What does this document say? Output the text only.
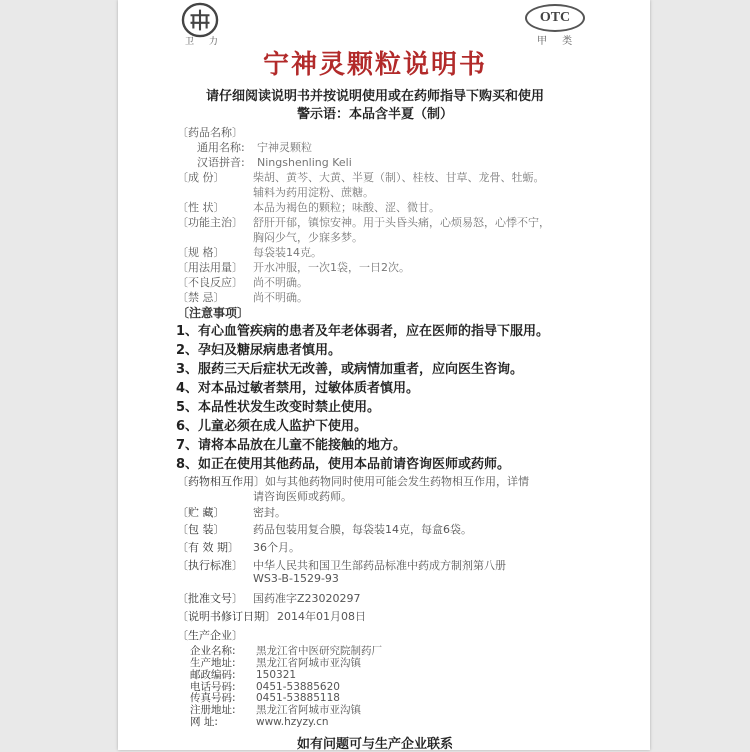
卫 力
OTC
甲 类
宁神灵颗粒说明书
请仔细阅读说明书并按说明使用或在药师指导下购买和使用
警示语：本品含半夏（制）
〔药品名称〕
通用名称: 宁神灵颗粒
汉语拼音: Ningshenling Keli
〔成 份〕	柴胡、黄芩、大黄、半夏（制）、桂枝、甘草、龙骨、牡蛎。
辅料为药用淀粉、蔗糖。
〔性 状〕	本品为褐色的颗粒；味酸、涩、微甘。
〔功能主治〕 舒肝开郁，镇惊安神。用于头昏头痛，心烦易怒，心悸不宁，
胸闷少气，少寐多梦。
〔规 格〕	每袋装14克。
〔用法用量〕 开水冲服，一次1袋，一日2次。
〔不良反应〕 尚不明确。
〔禁 忌〕	尚不明确。
〔注意事项〕
1、有心血管疾病的患者及年老体弱者，应在医师的指导下服用。
2、孕妇及糖尿病患者慎用。
3、服药三天后症状无改善，或病情加重者，应向医生咨询。
4、对本品过敏者禁用，过敏体质者慎用。
5、本品性状发生改变时禁止使用。
6、儿童必须在成人监护下使用。
7、请将本品放在儿童不能接触的地方。
8、如正在使用其他药品，使用本品前请咨询医师或药师。
〔药物相互作用〕如与其他药物同时使用可能会发生药物相互作用，详情
请咨询医师或药师。
〔贮 藏〕	密封。
〔包 装〕	药品包装用复合膜，每袋装14克，每盒6袋。
〔有 效 期〕 36个月。
〔执行标准〕 中华人民共和国卫生部药品标准中药成方制剂第八册
WS3-B-1529-93
〔批准文号〕 国药准字Z23020297
〔说明书修订日期〕2014年01月08日
〔生产企业〕
企业名称: 黑龙江省中医研究院制药厂
生产地址: 黑龙江省阿城市亚沟镇
邮政编码: 150321
电话号码: 0451-53885620
传真号码: 0451-53885118
注册地址: 黑龙江省阿城市亚沟镇
网 址:	www.hzyzy.cn
如有问题可与生产企业联系
